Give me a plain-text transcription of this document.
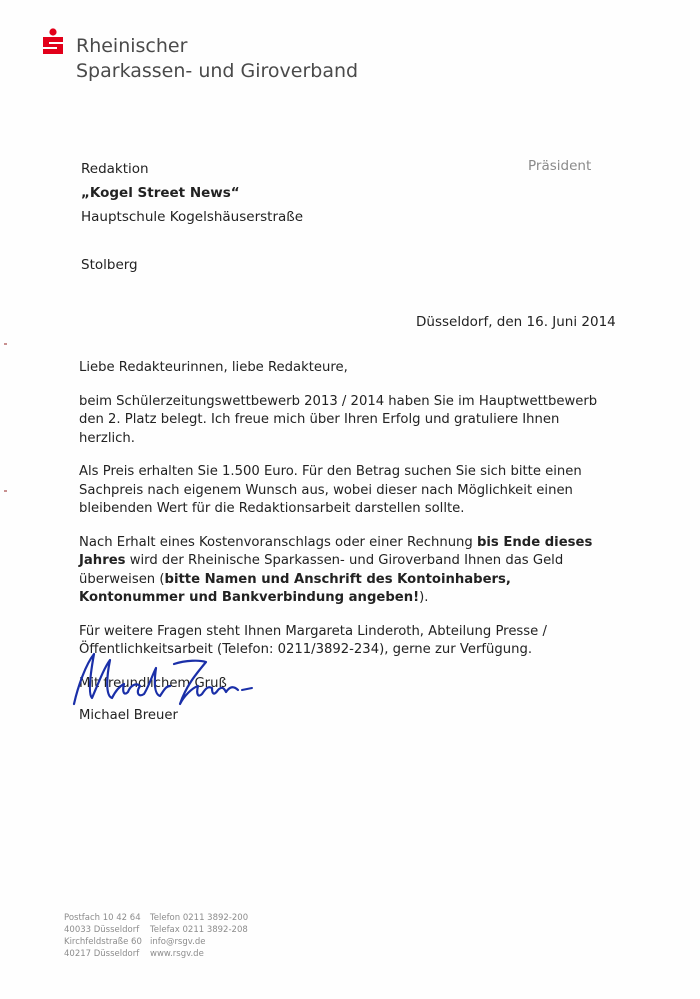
Rheinischer
Sparkassen- und Giroverband
Redaktion
„Kogel Street News“
Hauptschule Kogelshäuserstraße
Stolberg
Präsident
Düsseldorf, den 16. Juni 2014

Liebe Redakteurinnen, liebe Redakteure,

beim Schülerzeitungswettbewerb 2013 / 2014 haben Sie im Hauptwettbewerb den 2. Platz belegt. Ich freue mich über Ihren Erfolg und gratuliere Ihnen herzlich.

Als Preis erhalten Sie 1.500 Euro. Für den Betrag suchen Sie sich bitte einen Sachpreis nach eigenem Wunsch aus, wobei dieser nach Möglichkeit einen bleibenden Wert für die Redaktionsarbeit darstellen sollte.

Nach Erhalt eines Kostenvoranschlags oder einer Rechnung bis Ende dieses Jahres wird der Rheinische Sparkassen- und Giroverband Ihnen das Geld überweisen (bitte Namen und Anschrift des Kontoinhabers, Kontonummer und Bankverbindung angeben!).

Für weitere Fragen steht Ihnen Margareta Linderoth, Abteilung Presse / Öffentlichkeitsarbeit (Telefon: 0211/3892-234), gerne zur Verfügung.

Mit freundlichem Gruß

Michael Breuer
Postfach 10 42 64
40033 Düsseldorf
Kirchfeldstraße 60
40217 Düsseldorf
Telefon 0211 3892-200
Telefax 0211 3892-208
info@rsgv.de
www.rsgv.de
